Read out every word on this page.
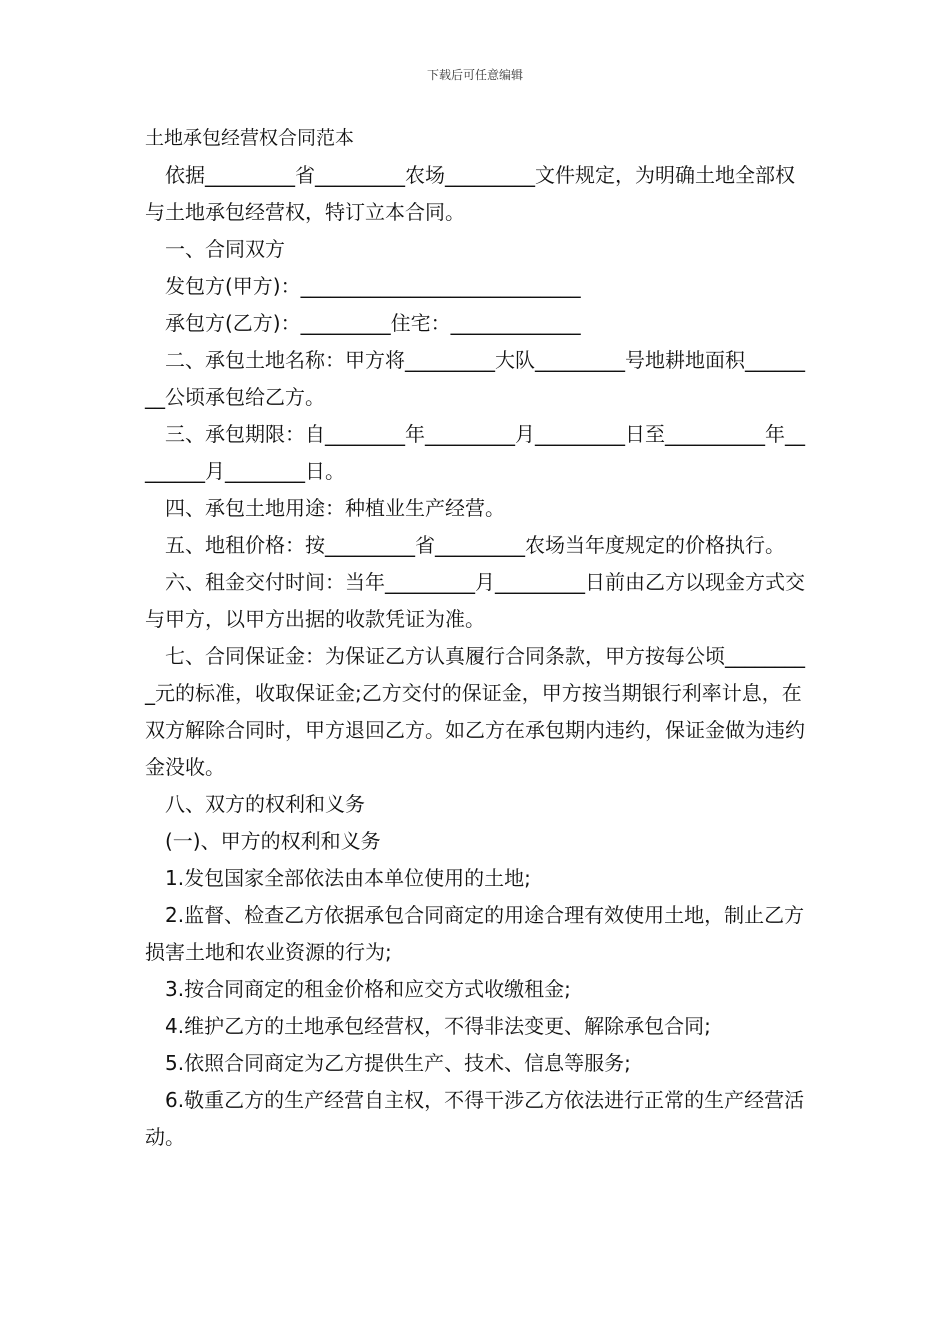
下载后可任意编辑

土地承包经营权合同范本

依据_________省_________农场_________文件规定，为明确土地全部权与土地承包经营权，特订立本合同。

一、合同双方

发包方(甲方)：____________________________

承包方(乙方)：_________住宅：_____________

二、承包土地名称：甲方将_________大队_________号地耕地面积________公顷承包给乙方。

三、承包期限：自________年_________月_________日至__________年________月________日。

四、承包土地用途：种植业生产经营。

五、地租价格：按_________省_________农场当年度规定的价格执行。

六、租金交付时间：当年_________月_________日前由乙方以现金方式交与甲方，以甲方出据的收款凭证为准。

七、合同保证金：为保证乙方认真履行合同条款，甲方按每公顷_________元的标准，收取保证金;乙方交付的保证金，甲方按当期银行利率计息，在双方解除合同时，甲方退回乙方。如乙方在承包期内违约，保证金做为违约金没收。

八、双方的权利和义务

(一)、甲方的权利和义务

1.发包国家全部依法由本单位使用的土地;

2.监督、检查乙方依据承包合同商定的用途合理有效使用土地，制止乙方损害土地和农业资源的行为;

3.按合同商定的租金价格和应交方式收缴租金;

4.维护乙方的土地承包经营权，不得非法变更、解除承包合同;

5.依照合同商定为乙方提供生产、技术、信息等服务;

6.敬重乙方的生产经营自主权，不得干涉乙方依法进行正常的生产经营活动。
